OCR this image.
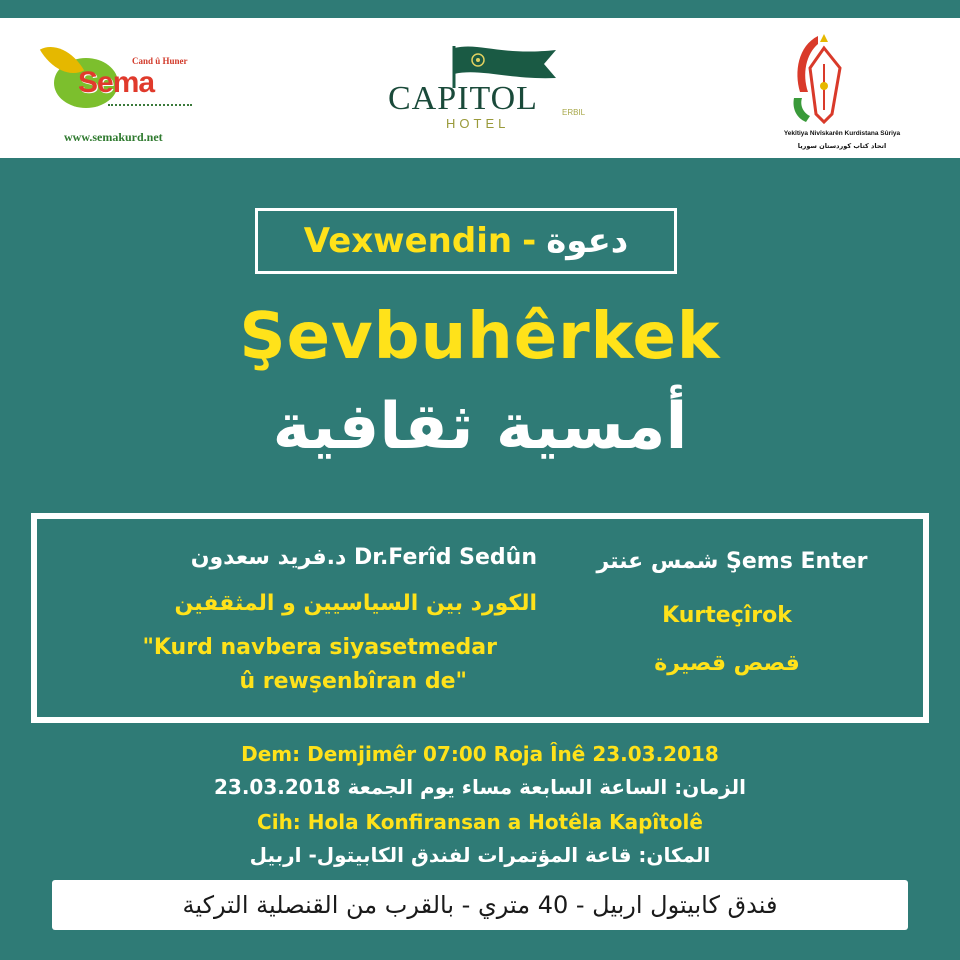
Cand û Huner
Sema
www.semakurd.net
CAPITOL	ERBIL
HOTEL
Yekîtiya Nivîskarên Kurdistana Sûriya
اتحاد كتاب كوردستان سوريا
Vexwendin - دعوة
Şevbuhêrkek
أمسية ثقافية
د.فريد سعدون Dr.Ferîd Sedûn
الكورد بين السياسيين و المثقفين
"Kurd navbera siyasetmedar
û rewşenbîran de"
شمس عنتر Şems Enter
Kurteçîrok
قصص قصيرة
Dem: Demjimêr 07:00 Roja Înê 23.03.2018
الزمان: الساعة السابعة مساء يوم الجمعة 23.03.2018
Cih: Hola Konfiransan a Hotêla Kapîtolê
المكان: قاعة المؤتمرات لفندق الكابيتول- اربيل
فندق كابيتول اربيل - 40 متري - بالقرب من القنصلية التركية
